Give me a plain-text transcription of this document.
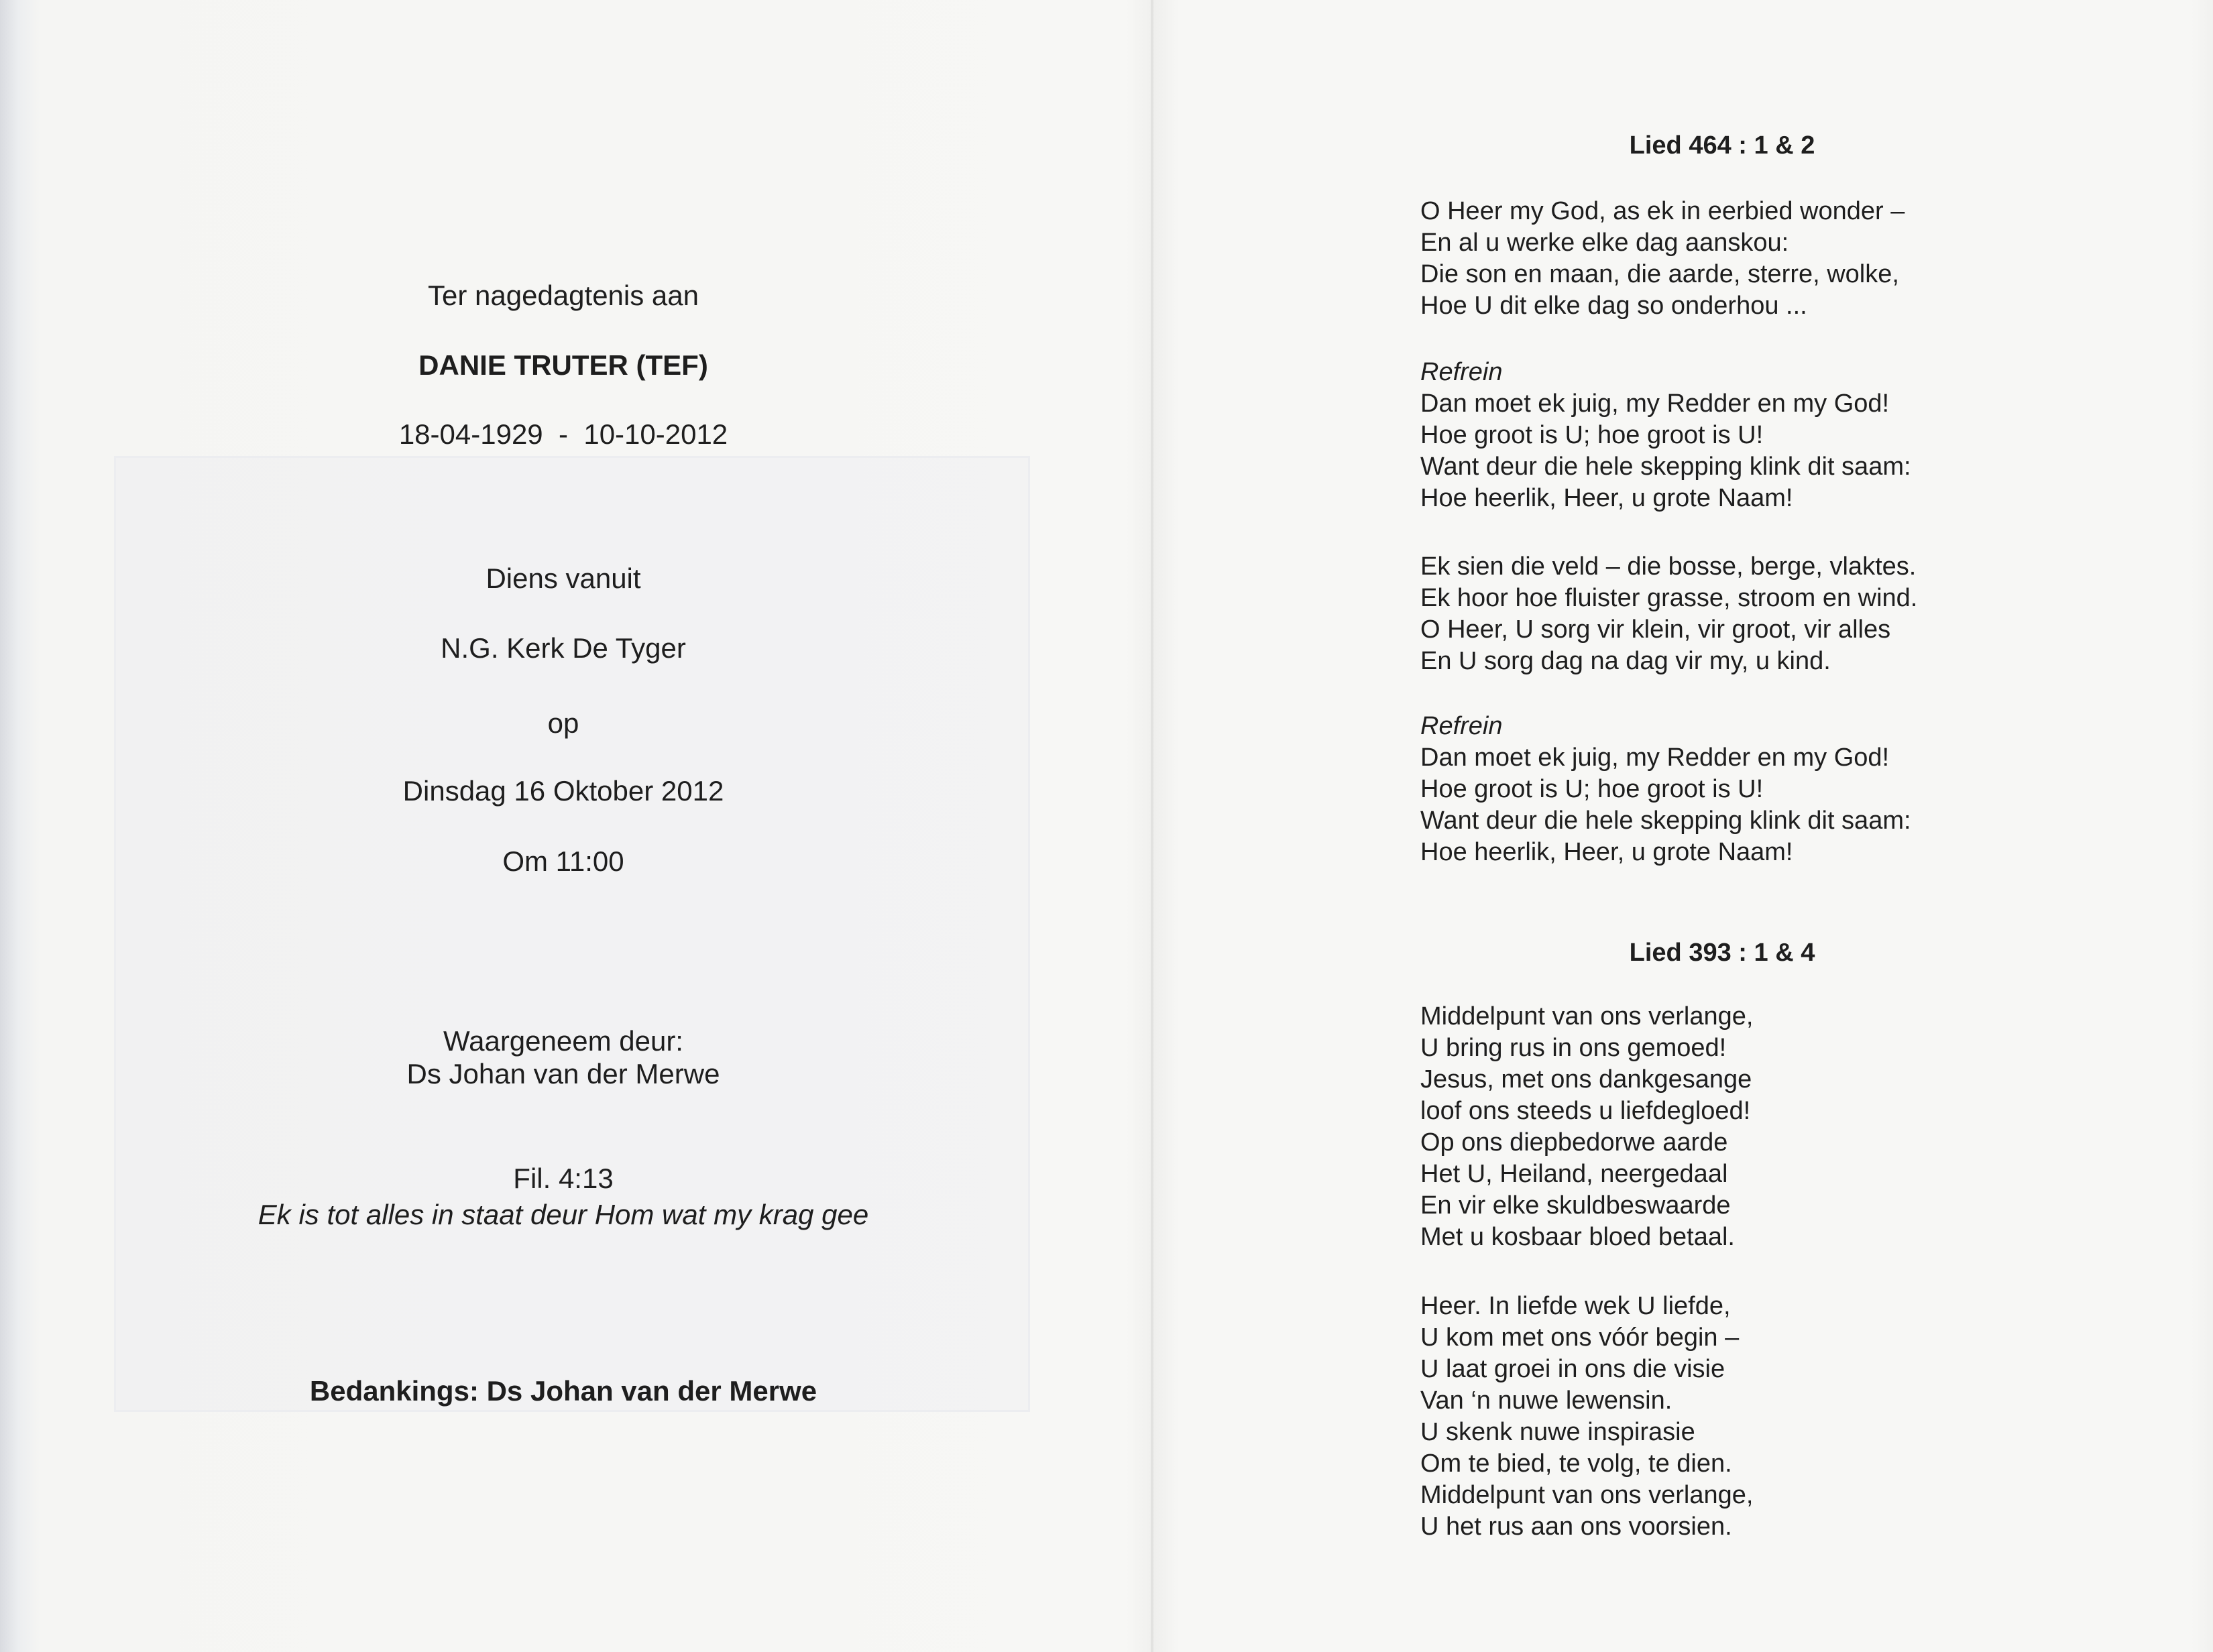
Ter nagedagtenis aan
DANIE TRUTER (TEF)
18-04-1929  -  10-10-2012
Diens vanuit
N.G. Kerk De Tyger
op
Dinsdag 16 Oktober 2012
Om 11:00
Waargeneem deur:
Ds Johan van der Merwe
Fil. 4:13
Ek is tot alles in staat deur Hom wat my krag gee
Bedankings: Ds Johan van der Merwe
Lied 464 : 1 & 2

O Heer my God, as ek in eerbied wonder –

En al u werke elke dag aanskou:

Die son en maan, die aarde, sterre, wolke,

Hoe U dit elke dag so onderhou ...

Refrein

Dan moet ek juig, my Redder en my God!

Hoe groot is U; hoe groot is U!

Want deur die hele skepping klink dit saam:

Hoe heerlik, Heer, u grote Naam!

Ek sien die veld – die bosse, berge, vlaktes.

Ek hoor hoe fluister grasse, stroom en wind.

O Heer, U sorg vir klein, vir groot, vir alles

En U sorg dag na dag vir my, u kind.

Refrein

Dan moet ek juig, my Redder en my God!

Hoe groot is U; hoe groot is U!

Want deur die hele skepping klink dit saam:

Hoe heerlik, Heer, u grote Naam!

Lied 393 : 1 & 4

Middelpunt van ons verlange,

U bring rus in ons gemoed!

Jesus, met ons dankgesange

loof ons steeds u liefdegloed!

Op ons diepbedorwe aarde

Het U, Heiland, neergedaal

En vir elke skuldbeswaarde

Met u kosbaar bloed betaal.

Heer. In liefde wek U liefde,

U kom met ons vóór begin –

U laat groei in ons die visie

Van ‘n nuwe lewensin.

U skenk nuwe inspirasie

Om te bied, te volg, te dien.

Middelpunt van ons verlange,

U het rus aan ons voorsien.
